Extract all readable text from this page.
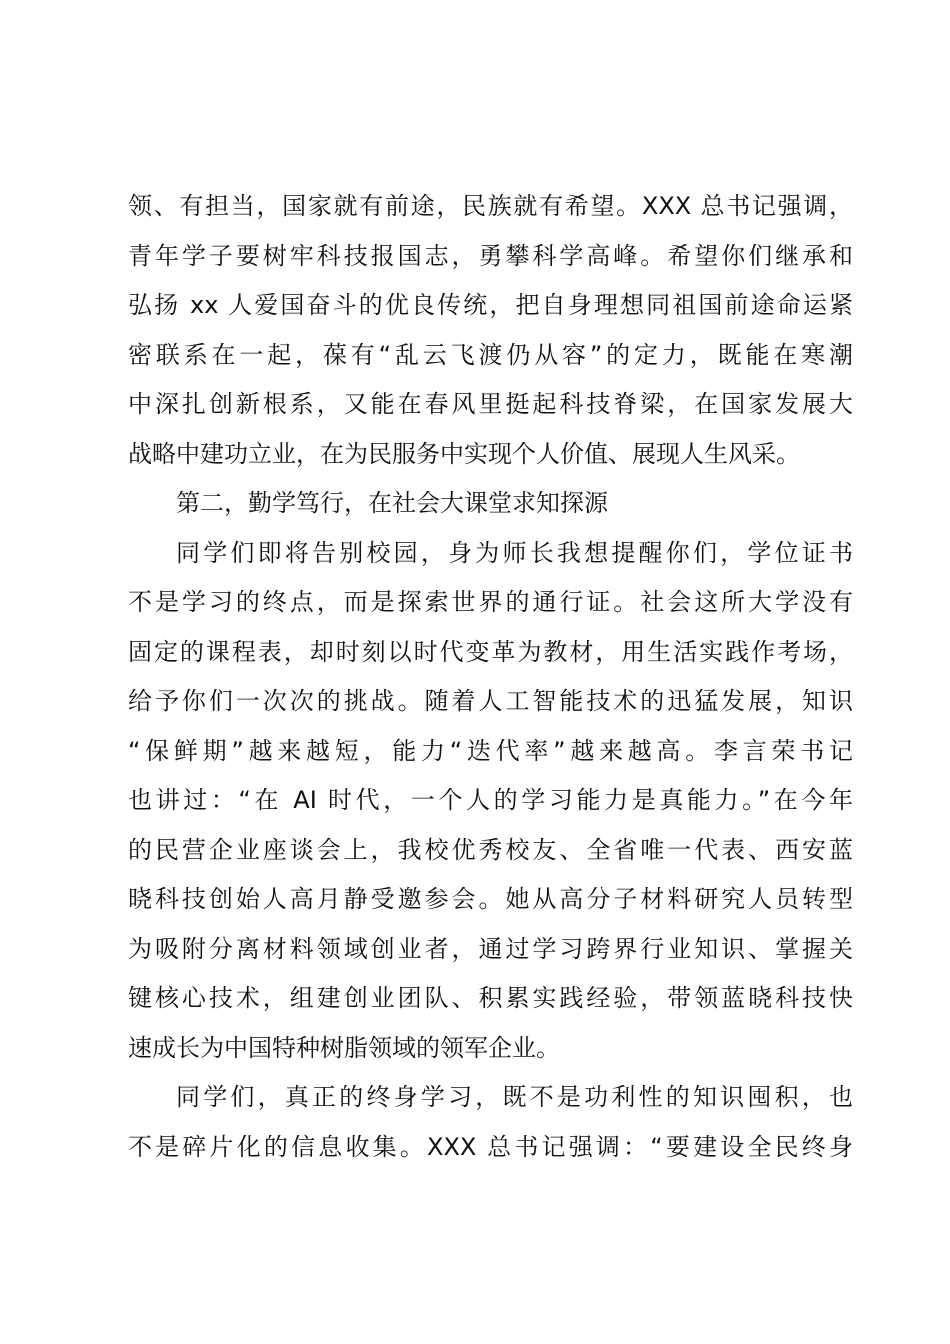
领、有担当，国家就有前途，民族就有希望。XXX 总书记强调，
青年学子要树牢科技报国志，勇攀科学高峰。希望你们继承和
弘扬 xx 人爱国奋斗的优良传统，把自身理想同祖国前途命运紧
密联系在一起，葆有“乱云飞渡仍从容”的定力，既能在寒潮
中深扎创新根系，又能在春风里挺起科技脊梁，在国家发展大
战略中建功立业，在为民服务中实现个人价值、展现人生风采。
第二，勤学笃行，在社会大课堂求知探源
同学们即将告别校园，身为师长我想提醒你们，学位证书
不是学习的终点，而是探索世界的通行证。社会这所大学没有
固定的课程表，却时刻以时代变革为教材，用生活实践作考场，
给予你们一次次的挑战。随着人工智能技术的迅猛发展，知识
“保鲜期”越来越短，能力“迭代率”越来越高。李言荣书记
也讲过：“在 AI 时代，一个人的学习能力是真能力。”在今年
的民营企业座谈会上，我校优秀校友、全省唯一代表、西安蓝
晓科技创始人高月静受邀参会。她从高分子材料研究人员转型
为吸附分离材料领域创业者，通过学习跨界行业知识、掌握关
键核心技术，组建创业团队、积累实践经验，带领蓝晓科技快
速成长为中国特种树脂领域的领军企业。
同学们，真正的终身学习，既不是功利性的知识囤积，也
不是碎片化的信息收集。XXX 总书记强调：“要建设全民终身
